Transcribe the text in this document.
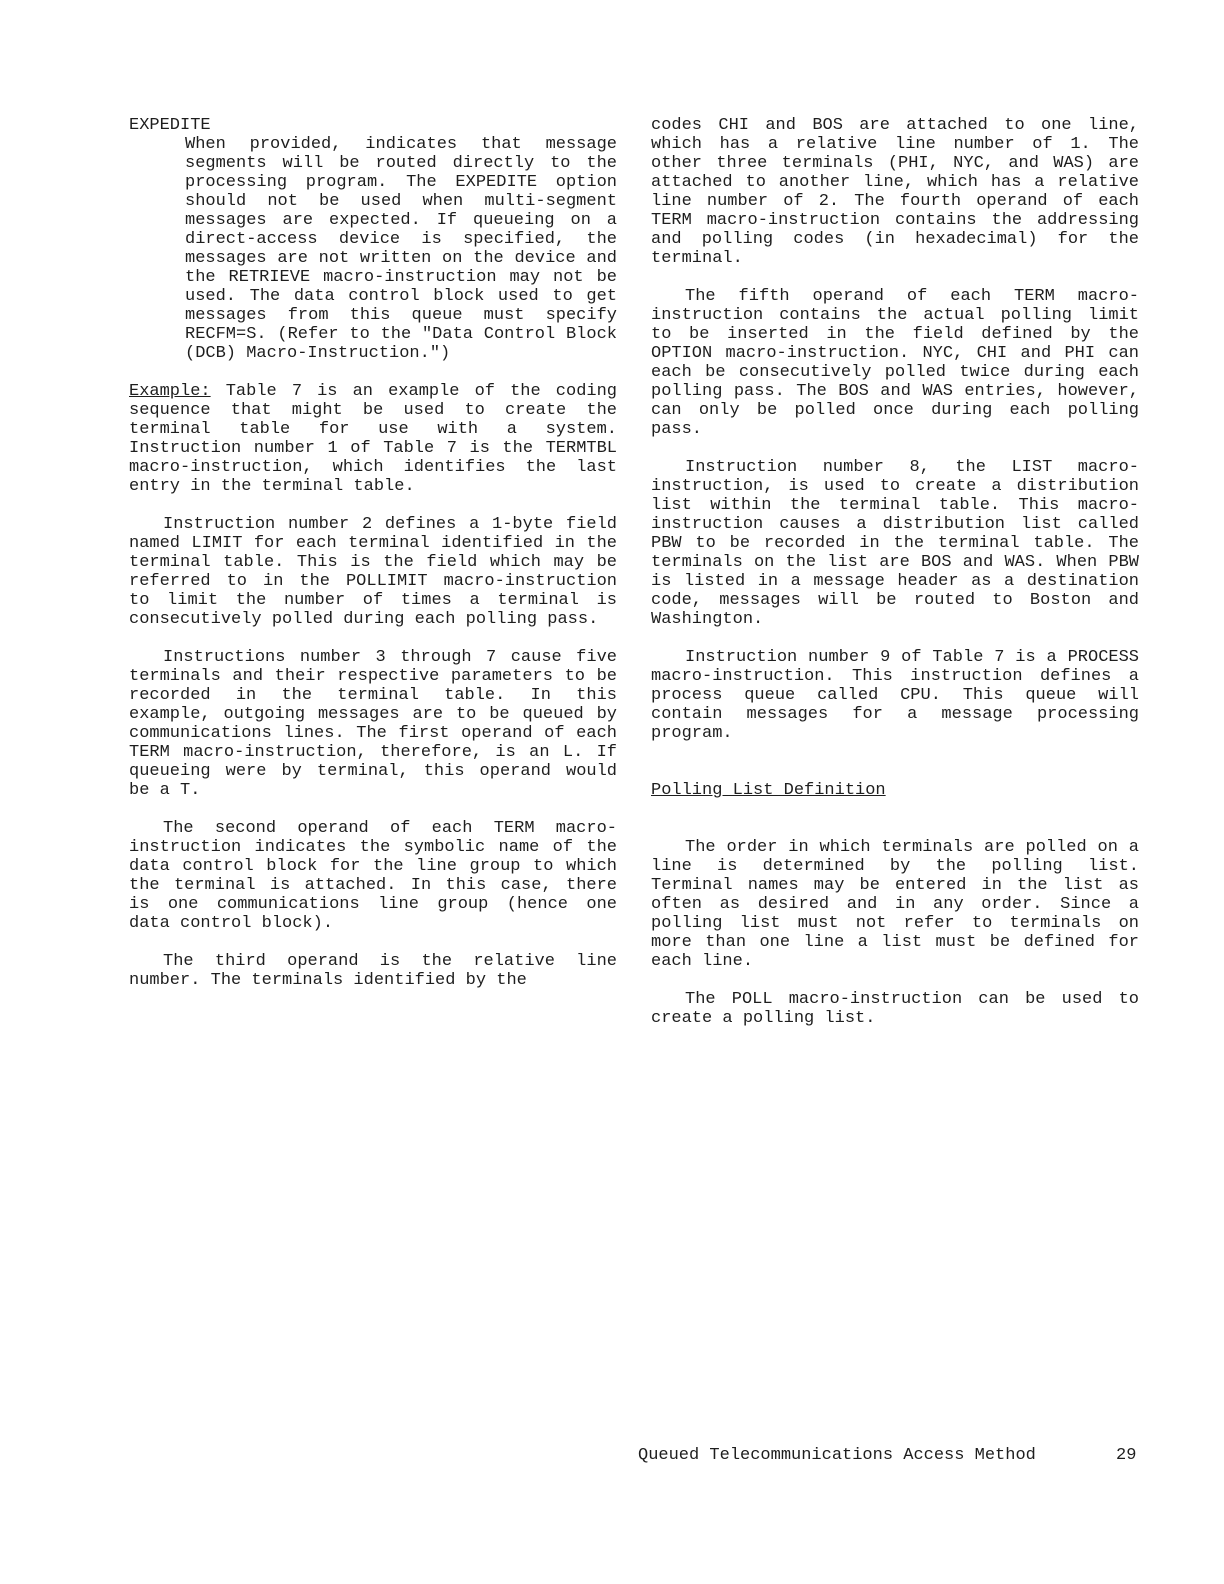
EXPEDITE

When provided, indicates that message segments will be routed directly to the processing program. The EXPEDITE option should not be used when multi-segment messages are expected. If queueing on a direct-access device is specified, the messages are not written on the device and the RETRIEVE macro-instruction may not be used. The data control block used to get messages from this queue must specify RECFM=S. (Refer to the "Data Control Block (DCB) Macro-Instruction.")

Example: Table 7 is an example of the coding sequence that might be used to create the terminal table for use with a system. Instruction number 1 of Table 7 is the TERMTBL macro-instruction, which identifies the last entry in the terminal table.

Instruction number 2 defines a 1-byte field named LIMIT for each terminal identified in the terminal table. This is the field which may be referred to in the POLLIMIT macro-instruction to limit the number of times a terminal is consecutively polled during each polling pass.

Instructions number 3 through 7 cause five terminals and their respective parameters to be recorded in the terminal table. In this example, outgoing messages are to be queued by communications lines. The first operand of each TERM macro-instruction, therefore, is an L. If queueing were by terminal, this operand would be a T.

The second operand of each TERM macro-instruction indicates the symbolic name of the data control block for the line group to which the terminal is attached. In this case, there is one communications line group (hence one data control block).

The third operand is the relative line number. The terminals identified by the

codes CHI and BOS are attached to one line, which has a relative line number of 1. The other three terminals (PHI, NYC, and WAS) are attached to another line, which has a relative line number of 2. The fourth operand of each TERM macro-instruction contains the addressing and polling codes (in hexadecimal) for the terminal.

The fifth operand of each TERM macro-instruction contains the actual polling limit to be inserted in the field defined by the OPTION macro-instruction. NYC, CHI and PHI can each be consecutively polled twice during each polling pass. The BOS and WAS entries, however, can only be polled once during each polling pass.

Instruction number 8, the LIST macro-instruction, is used to create a distribution list within the terminal table. This macro-instruction causes a distribution list called PBW to be recorded in the terminal table. The terminals on the list are BOS and WAS. When PBW is listed in a message header as a destination code, messages will be routed to Boston and Washington.

Instruction number 9 of Table 7 is a PROCESS macro-instruction. This instruction defines a process queue called CPU. This queue will contain messages for a message processing program.

Polling List Definition

The order in which terminals are polled on a line is determined by the polling list. Terminal names may be entered in the list as often as desired and in any order. Since a polling list must not refer to terminals on more than one line a list must be defined for each line.

The POLL macro-instruction can be used to create a polling list.

Queued Telecommunications Access Method	29
